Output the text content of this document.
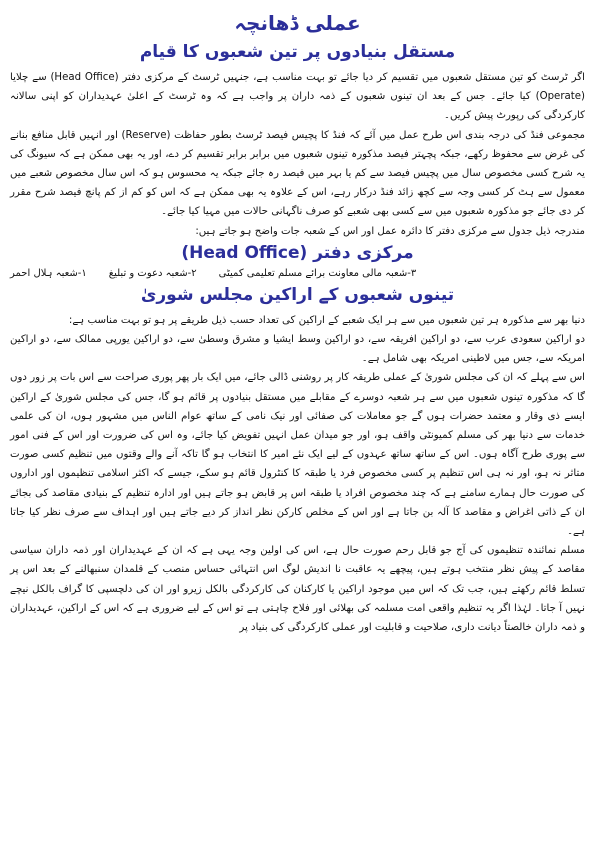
عملی ڈھانچہ
مستقل بنیادوں پر تین شعبوں کا قیام

اگر ٹرسٹ کو تین مستقل شعبوں میں تقسیم کر دیا جائے تو بہت مناسب ہے، جنہیں ٹرسٹ کے مرکزی دفتر (Head Office) سے چلایا (Operate) کیا جائے۔ جس کے بعد ان تینوں شعبوں کے ذمہ داران پر واجب ہے کہ وہ ٹرسٹ کے اعلیٰ عہدیداران کو اپنی سالانہ کارکردگی کی رپورٹ پیش کریں۔

مجموعی فنڈ کی درجہ بندی اس طرح عمل میں آئے کہ فنڈ کا پچیس فیصد ٹرسٹ بطور حفاظت (Reserve) اور انہیں قابل منافع بنانے کی غرض سے محفوظ رکھے، جبکہ پچہتر فیصد مذکورہ تینوں شعبوں میں برابر برابر تقسیم کر دے، اور یہ بھی ممکن ہے کہ سیونگ کی یہ شرح کسی مخصوص سال میں پچیس فیصد سے کم یا بہر میں فیصد رہ جائے جبکہ یہ محسوس ہو کہ اس سال مخصوص شعبے میں معمول سے ہٹ کر کسی وجہ سے کچھ زائد فنڈ درکار رہے، اس کے علاوہ یہ بھی ممکن ہے کہ اس کو کم از کم پانچ فیصد شرح مقرر کر دی جائے جو مذکورہ شعبوں میں سے کسی بھی شعبے کو صرف ناگہانی حالات میں مہیا کیا جائے۔

مندرجہ ذیل جدول سے مرکزی دفتر کا دائرہ عمل اور اس کے شعبہ جات واضح ہو جاتے ہیں:

مرکزی دفتر (Head Office)
۱-شعبہ ہلال احمر ۲-شعبہ دعوت و تبلیغ ۳-شعبہ مالی معاونت برائے مسلم تعلیمی کمیٹی
تینوں شعبوں کے اراکین مجلس شوریٰ

دنیا بھر سے مذکورہ ہر تین شعبوں میں سے ہر ایک شعبے کے اراکین کی تعداد حسب ذیل طریقے پر ہو تو بہت مناسب ہے:

دو اراکین سعودی عرب سے، دو اراکین افریقہ سے، دو اراکین وسط ایشیا و مشرق وسطیٰ سے، دو اراکین یورپی ممالک سے، دو اراکین امریکہ سے، جس میں لاطینی امریکہ بھی شامل ہے۔

اس سے پہلے کہ ان کی مجلس شوریٰ کے عملی طریقہ کار پر روشنی ڈالی جائے، میں ایک بار پھر پوری صراحت سے اس بات پر زور دوں گا کہ مذکورہ تینوں شعبوں میں سے ہر شعبہ دوسرے کے مقابلے میں مستقل بنیادوں پر قائم ہو گا، جس کی مجلس شوریٰ کے اراکین ایسے ذی وقار و معتمد حضرات ہوں گے جو معاملات کی صفائی اور نیک نامی کے ساتھ عوام الناس میں مشہور ہوں، ان کی علمی خدمات سے دنیا بھر کی مسلم کمیونٹی واقف ہو، اور جو میدان عمل انہیں تفویض کیا جائے، وہ اس کی ضرورت اور اس کے فنی امور سے پوری طرح آگاہ ہوں۔ اس کے ساتھ ساتھ عہدوں کے لیے ایک نئے امیر کا انتخاب ہو گا تاکہ آنے والے وقتوں میں تنظیم کسی صورت متاثر نہ ہو، اور نہ ہی اس تنظیم پر کسی مخصوص فرد یا طبقہ کا کنٹرول قائم ہو سکے، جیسے کہ اکثر اسلامی تنظیموں اور اداروں کی صورت حال ہمارے سامنے ہے کہ چند مخصوص افراد یا طبقہ اس پر قابض ہو جاتے ہیں اور ادارہ تنظیم کے بنیادی مقاصد کی بجائے ان کے ذاتی اغراض و مقاصد کا آلہ بن جاتا ہے اور اس کے مخلص کارکن نظر انداز کر دیے جاتے ہیں اور اہداف سے صرف نظر کیا جاتا ہے۔

مسلم نمائندہ تنظیموں کی آج جو قابل رحم صورت حال ہے، اس کی اولین وجہ یہی ہے کہ ان کے عہدیداران اور ذمہ داران سیاسی مقاصد کے پیش نظر منتخب ہوتے ہیں، پیچھے یہ عاقبت نا اندیش لوگ اس انتہائی حساس منصب کے قلمدان سنبھالنے کے بعد اس پر تسلط قائم رکھتے ہیں، جب تک کہ اس میں موجود اراکین یا کارکنان کی کارکردگی بالکل زیرو اور ان کی دلچسپی کا گراف بالکل نیچے نہیں آ جاتا۔ لہٰذا اگر یہ تنظیم واقعی امت مسلمہ کی بھلائی اور فلاح چاہتی ہے تو اس کے لیے ضروری ہے کہ اس کے اراکین، عہدیداران و ذمہ داران خالصتاً دیانت داری، صلاحیت و قابلیت اور عملی کارکردگی کی بنیاد پر
